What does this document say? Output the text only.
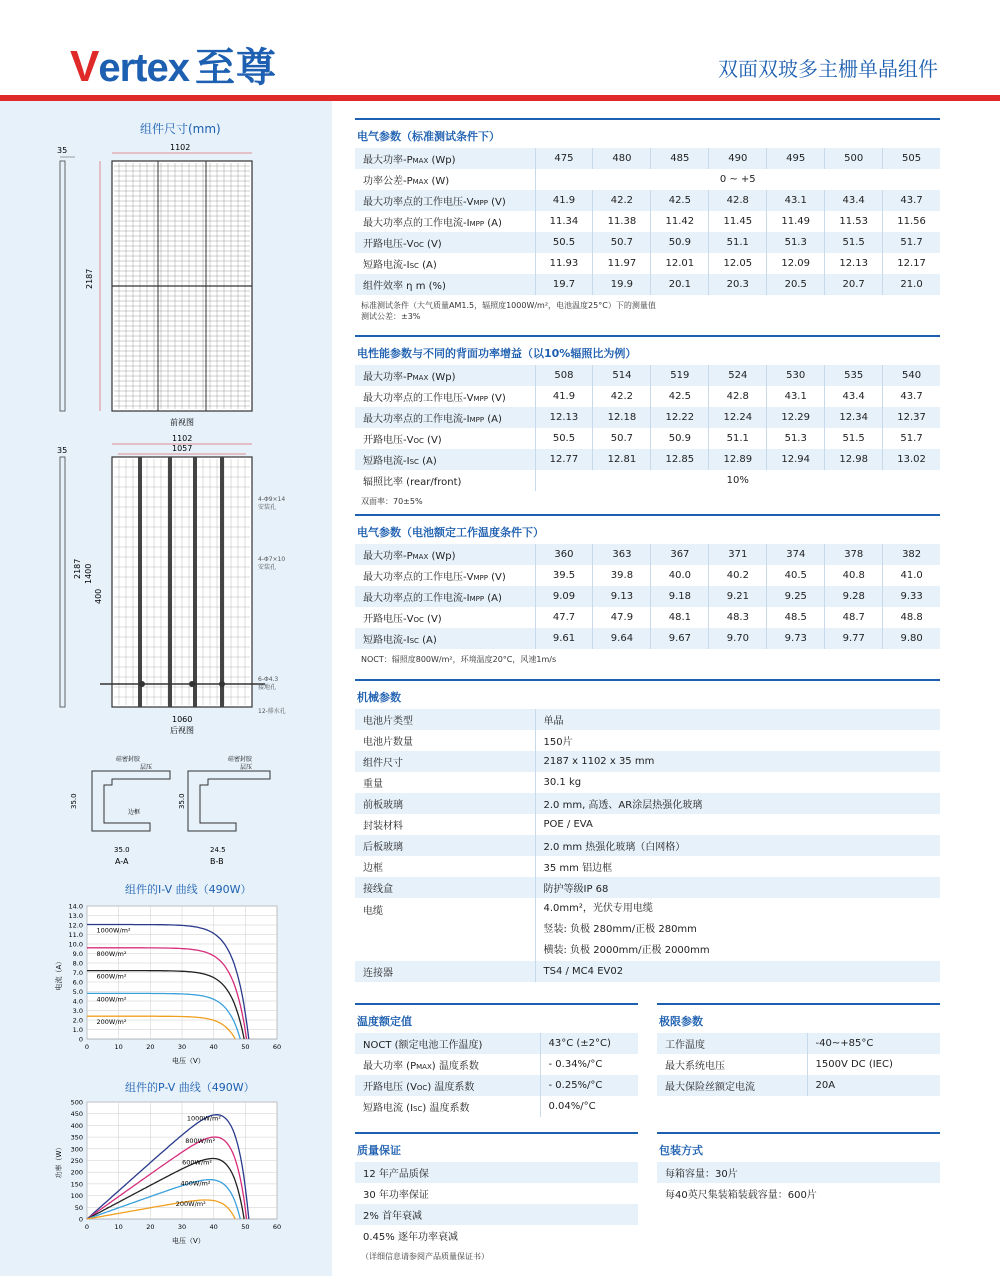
Vertex 至尊	双面双玻多主栅单晶组件
组件尺寸(mm)
35	1102
2187
前视图
1102
1057
35
2187 1400
400
4-Φ9×14
安装孔
4-Φ7×10
安装孔
6-Φ4.3
接地孔
12-排水孔
1060
后视图
硅密封胶
层压
边框
35.0
35.0
A-A
硅密封胶
层压
35.0
24.5
B-B
组件的I-V 曲线（490W）
1.0
2.0
3.0
4.0
5.0
6.0
7.0
8.0
9.0
10.0
11.0
12.0
13.0
14.0
0	10	20	30	40	50	60
0
1000W/m²
800W/m²
600W/m²
400W/m²
200W/m²
电压（V）
电流（A）
组件的P-V 曲线（490W）
50
100
150
200
250
300
350
400
450
500
0	10	20	30	40	50	60
0
1000W/m²
800W/m²
600W/m²
400W/m²
200W/m²
电压（V）
功率（W）
电气参数（标准测试条件下）
最大功率-PMAX (Wp)	475	480	485	490	495	500	505
功率公差-PMAX (W)	0 ~ +5						
最大功率点的工作电压-VMPP (V)	41.9	42.2	42.5	42.8	43.1	43.4	43.7
最大功率点的工作电流-IMPP (A)	11.34	11.38	11.42	11.45	11.49	11.53	11.56
开路电压-VOC (V)	50.5	50.7	50.9	51.1	51.3	51.5	51.7
短路电流-ISC (A)	11.93	11.97	12.01	12.05	12.09	12.13	12.17
组件效率 η m (%)	19.7	19.9	20.1	20.3	20.5	20.7	21.0
标准测试条件（大气质量AM1.5，辐照度1000W/m²，电池温度25°C）下的测量值
测试公差：±3%
电性能参数与不同的背面功率增益（以10%辐照比为例）
最大功率-PMAX (Wp)	508	514	519	524	530	535	540
最大功率点的工作电压-VMPP (V)	41.9	42.2	42.5	42.8	43.1	43.4	43.7
最大功率点的工作电流-IMPP (A)	12.13	12.18	12.22	12.24	12.29	12.34	12.37
开路电压-VOC (V)	50.5	50.7	50.9	51.1	51.3	51.5	51.7
短路电流-ISC (A)	12.77	12.81	12.85	12.89	12.94	12.98	13.02
辐照比率 (rear/front)	10%						
双面率：70±5%
电气参数（电池额定工作温度条件下）
最大功率-PMAX (Wp)	360	363	367	371	374	378	382
最大功率点的工作电压-VMPP (V)	39.5	39.8	40.0	40.2	40.5	40.8	41.0
最大功率点的工作电流-IMPP (A)	9.09	9.13	9.18	9.21	9.25	9.28	9.33
开路电压-VOC (V)	47.7	47.9	48.1	48.3	48.5	48.7	48.8
短路电流-ISC (A)	9.61	9.64	9.67	9.70	9.73	9.77	9.80
NOCT：辐照度800W/m²，环境温度20°C，风速1m/s
机械参数
电池片类型	单晶
电池片数量	150片
组件尺寸	2187 x 1102 x 35 mm
重量	30.1 kg
前板玻璃	2.0 mm, 高透、AR涂层热强化玻璃
封装材料	POE / EVA
后板玻璃	2.0 mm 热强化玻璃（白网格）
边框	35 mm 铝边框
接线盒	防护等级IP 68
电缆	4.0mm²，光伏专用电缆
竖装: 负极 280mm/正极 280mm
横装: 负极 2000mm/正极 2000mm

连接器	TS4 / MC4 EV02
温度额定值
NOCT (额定电池工作温度)	43°C (±2°C)
最大功率 (PMAX) 温度系数	- 0.34%/°C
开路电压 (VOC) 温度系数	- 0.25%/°C
短路电流 (ISC) 温度系数	0.04%/°C
极限参数
工作温度	-40~+85°C
最大系统电压	1500V DC (IEC)
最大保险丝额定电流	20A
质量保证
12 年产品质保
30 年功率保证
2% 首年衰减
0.45% 逐年功率衰减
（详细信息请参阅产品质量保证书）
包装方式
每箱容量：30片
每40英尺集装箱装载容量：600片
